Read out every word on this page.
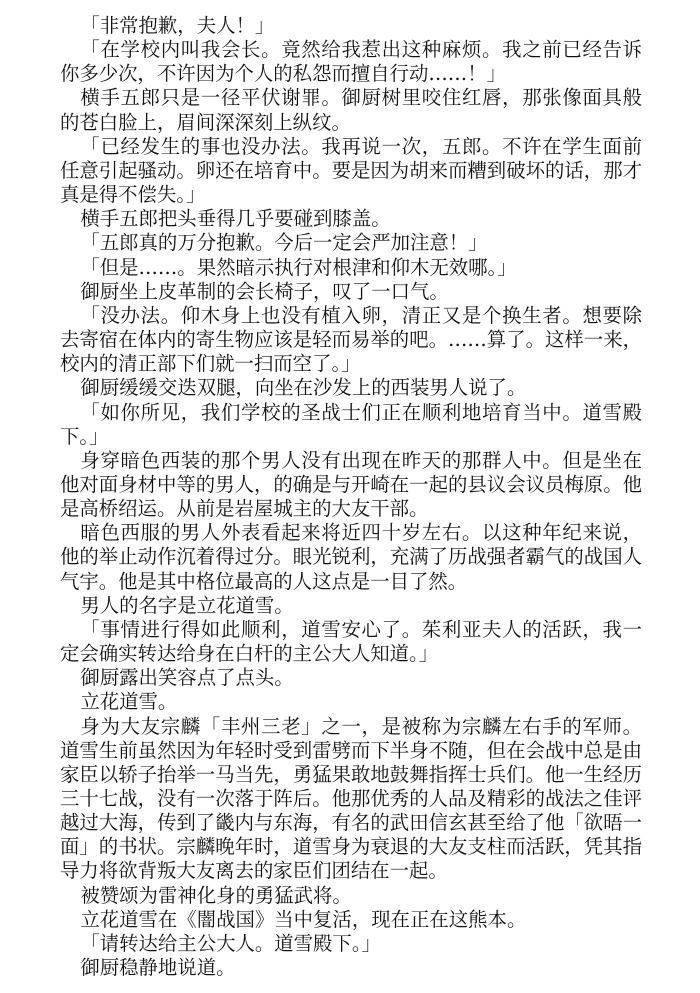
「非常抱歉，夫人！」

「在学校内叫我会长。竟然给我惹出这种麻烦。我之前已经告诉你多少次，不许因为个人的私怨而擅自行动……！」

横手五郎只是一径平伏谢罪。御厨树里咬住红唇，那张像面具般的苍白脸上，眉间深深刻上纵纹。

「已经发生的事也没办法。我再说一次，五郎。不许在学生面前任意引起骚动。卵还在培育中。要是因为胡来而糟到破坏的话，那才真是得不偿失。」

横手五郎把头垂得几乎要碰到膝盖。

「五郎真的万分抱歉。今后一定会严加注意！」

「但是……。果然暗示执行对根津和仰木无效哪。」

御厨坐上皮革制的会长椅子，叹了一口气。

「没办法。仰木身上也没有植入卵，清正又是个换生者。想要除去寄宿在体内的寄生物应该是轻而易举的吧。……算了。这样一来，校内的清正部下们就一扫而空了。」

御厨缓缓交迭双腿，向坐在沙发上的西装男人说了。

「如你所见，我们学校的圣战士们正在顺利地培育当中。道雪殿下。」

身穿暗色西装的那个男人没有出现在昨天的那群人中。但是坐在他对面身材中等的男人，的确是与开崎在一起的县议会议员梅原。他是高桥绍运。从前是岩屋城主的大友干部。

暗色西服的男人外表看起来将近四十岁左右。以这种年纪来说，他的举止动作沉着得过分。眼光锐利，充满了历战强者霸气的战国人气宇。他是其中格位最高的人这点是一目了然。

男人的名字是立花道雪。

「事情进行得如此顺利，道雪安心了。茱利亚夫人的活跃，我一定会确实转达给身在白杆的主公大人知道。」

御厨露出笑容点了点头。

立花道雪。

身为大友宗麟「丰州三老」之一，是被称为宗麟左右手的军师。道雪生前虽然因为年轻时受到雷劈而下半身不随，但在会战中总是由家臣以轿子抬举一马当先，勇猛果敢地鼓舞指挥士兵们。他一生经历三十七战，没有一次落于阵后。他那优秀的人品及精彩的战法之佳评越过大海，传到了畿内与东海，有名的武田信玄甚至给了他「欲晤一面」的书状。宗麟晚年时，道雪身为衰退的大友支柱而活跃，凭其指导力将欲背叛大友离去的家臣们团结在一起。

被赞颂为雷神化身的勇猛武将。

立花道雪在《闇战国》当中复活，现在正在这熊本。

「请转达给主公大人。道雪殿下。」

御厨稳静地说道。
